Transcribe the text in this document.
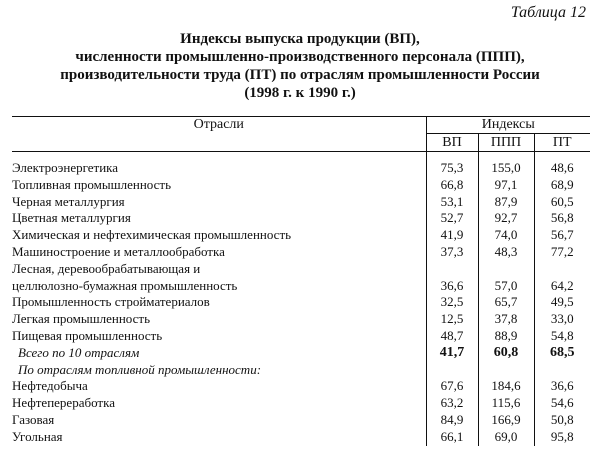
Таблица 12
Индексы выпуска продукции (ВП),
численности промышленно-производственного персонала (ППП),
производительности труда (ПТ) по отраслям промышленности России
(1998 г. к 1990 г.)
Отрасли	Индексы		
	ВП	ППП	ПТ

Электроэнергетика	75,3	155,0	48,6
Топливная промышленность	66,8	97,1	68,9
Черная металлургия	53,1	87,9	60,5
Цветная металлургия	52,7	92,7	56,8
Химическая и нефтехимическая промышленность	41,9	74,0	56,7
Машиностроение и металлообработка	37,3	48,3	77,2
Лесная, деревообрабатывающая и			
целлюлозно-бумажная промышленность	36,6	57,0	64,2
Промышленность стройматериалов	32,5	65,7	49,5
Легкая промышленность	12,5	37,8	33,0
Пищевая промышленность	48,7	88,9	54,8
Всего по 10 отраслям	41,7	60,8	68,5
По отраслям топливной промышленности:			
Нефтедобыча	67,6	184,6	36,6
Нефтепереработка	63,2	115,6	54,6
Газовая	84,9	166,9	50,8
Угольная	66,1	69,0	95,8
